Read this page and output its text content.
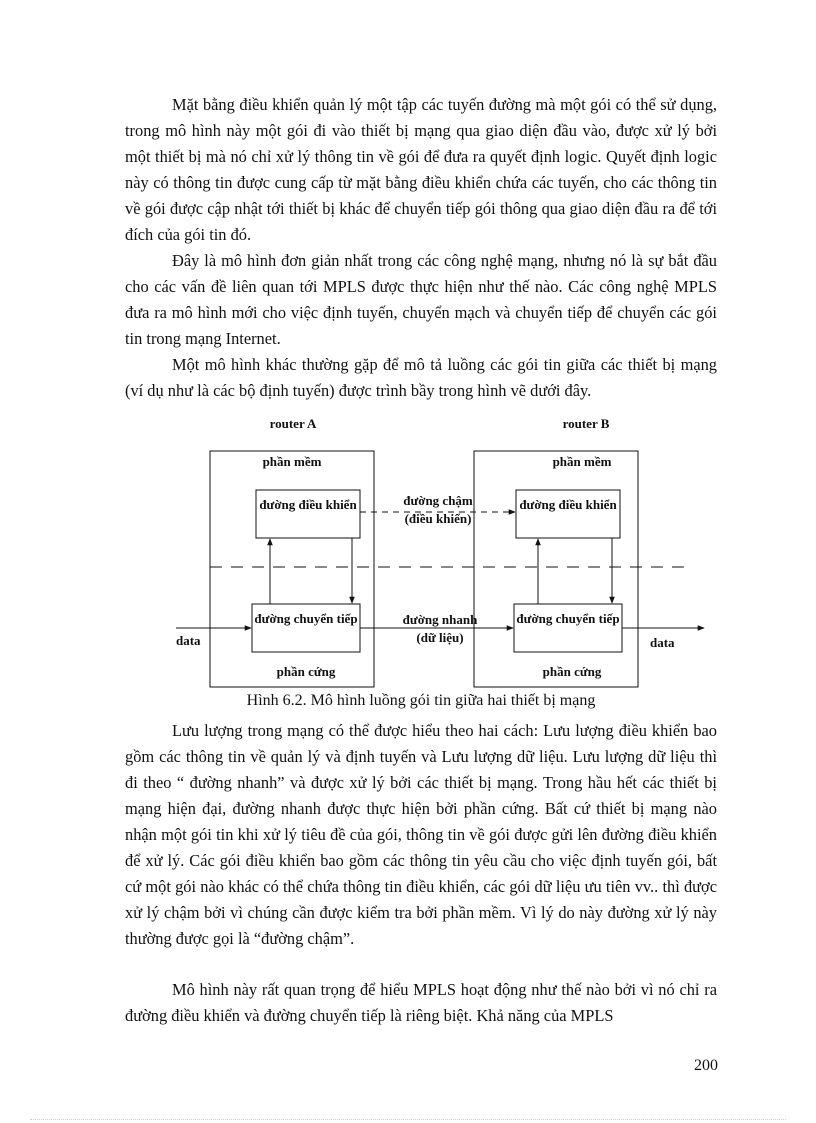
Mặt bằng điều khiển quản lý một tập các tuyến đường mà một gói có thể sử dụng, trong mô hình này một gói đi vào thiết bị mạng qua giao diện đầu vào, được xử lý bởi một thiết bị mà nó chỉ xử lý thông tin về gói để đưa ra quyết định logic. Quyết định logic này có thông tin được cung cấp từ mặt bằng điều khiển chứa các tuyến, cho các thông tin về gói được cập nhật tới thiết bị khác để chuyển tiếp gói thông qua giao diện đầu ra để tới đích của gói tin đó.

Đây là mô hình đơn giản nhất trong các công nghệ mạng, nhưng nó là sự bắt đầu cho các vấn đề liên quan tới MPLS được thực hiện như thế nào. Các công nghệ MPLS đưa ra mô hình mới cho việc định tuyến, chuyển mạch và chuyển tiếp để chuyển các gói tin trong mạng Internet.

Một mô hình khác thường gặp để mô tả luồng các gói tin giữa các thiết bị mạng (ví dụ như là các bộ định tuyến) được trình bầy trong hình vẽ dưới đây.

router A	router B
phần mềm	phần mềm
đường điều khiển	đường điều khiển
đường chuyển tiếp	đường chuyển tiếp
đường chậm (điều khiển)
đường nhanh (dữ liệu)
data	data
phần cứng	phần cứng
Hình 6.2. Mô hình luồng gói tin giữa hai thiết bị mạng

Lưu lượng trong mạng có thể được hiểu theo hai cách: Lưu lượng điều khiển bao gồm các thông tin về quản lý và định tuyến và Lưu lượng dữ liệu. Lưu lượng dữ liệu thì đi theo “ đường nhanh” và được xử lý bởi các thiết bị mạng. Trong hầu hết các thiết bị mạng hiện đại, đường nhanh được thực hiện bởi phần cứng. Bất cứ thiết bị mạng nào nhận một gói tin khi xử lý tiêu đề của gói, thông tin về gói được gửi lên đường điều khiển để xử lý. Các gói điều khiển bao gồm các thông tin yêu cầu cho việc định tuyến gói, bất cứ một gói nào khác có thể chứa thông tin điều khiển, các gói dữ liệu ưu tiên vv.. thì được xử lý chậm bởi vì chúng cần được kiểm tra bởi phần mềm. Vì lý do này đường xử lý này thường được gọi là “đường chậm”.

Mô hình này rất quan trọng để hiểu MPLS hoạt động như thế nào bởi vì nó chỉ ra đường điều khiển và đường chuyển tiếp là riêng biệt. Khả năng của MPLS

200
